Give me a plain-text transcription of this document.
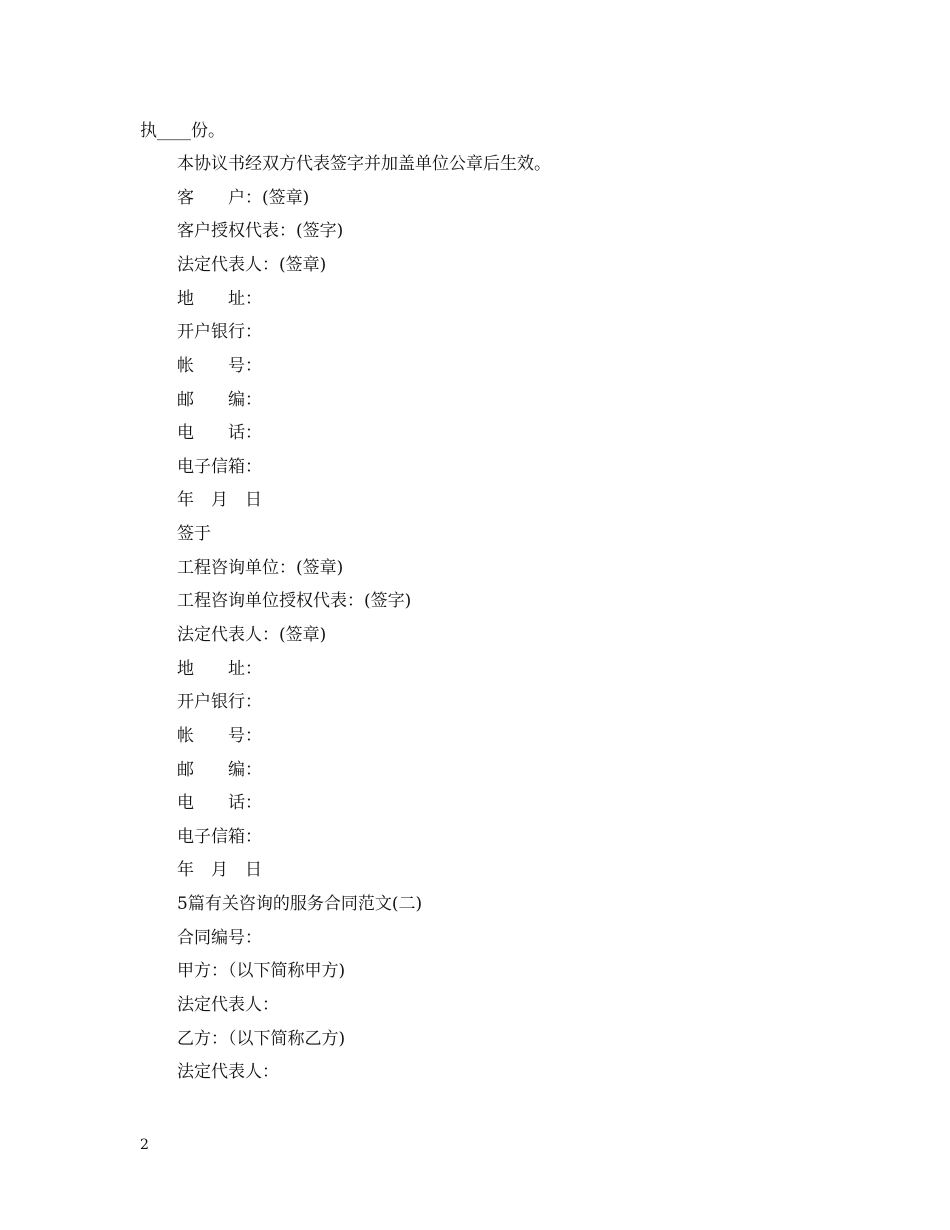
执____份。

本协议书经双方代表签字并加盖单位公章后生效。

客　　户：(签章)

客户授权代表：(签字)

法定代表人：(签章)

地　　址：

开户银行：

帐　　号：

邮　　编：

电　　话：

电子信箱：

年　月　日

签于

工程咨询单位：(签章)

工程咨询单位授权代表：(签字)

法定代表人：(签章)

地　　址：

开户银行：

帐　　号：

邮　　编：

电　　话：

电子信箱：

年　月　日

5篇有关咨询的服务合同范文(二)

合同编号：

甲方：（以下简称甲方)

法定代表人：

乙方：（以下简称乙方)

法定代表人：

2
